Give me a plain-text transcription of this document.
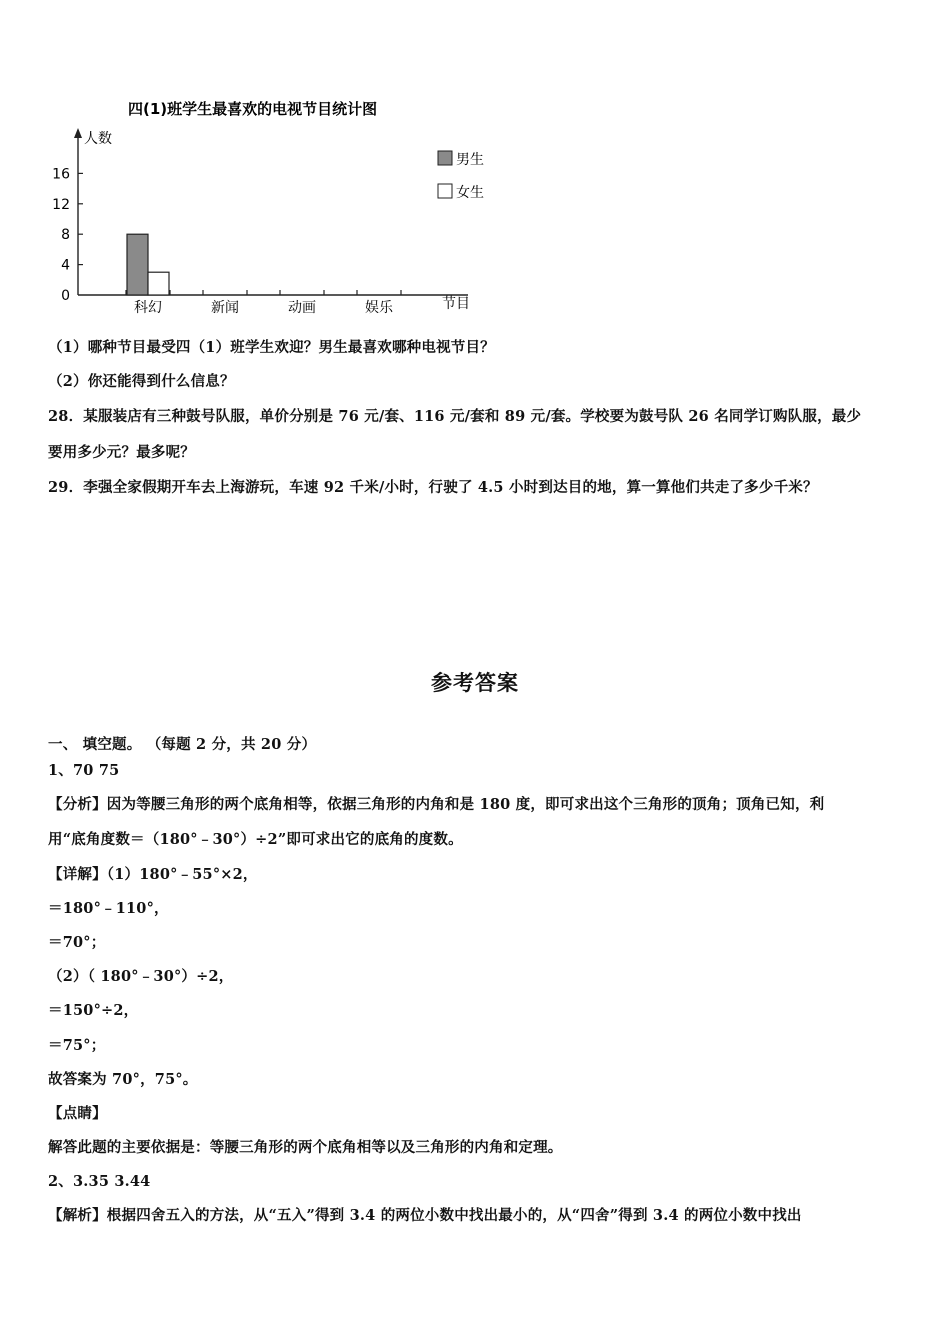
四(1)班学生最喜欢的电视节目统计图
人数
节目
0
4
8
12
16
科幻	新闻	动画	娱乐
男生
女生
（1）哪种节目最受四（1）班学生欢迎？男生最喜欢哪种电视节目？
（2）你还能得到什么信息？
28．某服装店有三种鼓号队服，单价分别是 76 元/套、116 元/套和 89 元/套。学校要为鼓号队 26 名同学订购队服，最少
要用多少元？最多呢？
29．李强全家假期开车去上海游玩，车速 92 千米/小时，行驶了 4.5 小时到达目的地，算一算他们共走了多少千米？
参考答案
一、 填空题。 （每题 2 分，共 20 分）
1、70 75
【分析】因为等腰三角形的两个底角相等，依据三角形的内角和是 180 度，即可求出这个三角形的顶角；顶角已知，利
用“底角度数＝（180°﹣30°）÷2”即可求出它的底角的度数。
【详解】（1）180°﹣55°×2，
＝180°﹣110°，
＝70°；
（2）（ 180°﹣30°）÷2，
＝150°÷2，
＝75°；
故答案为 70°，75°。
【点睛】
解答此题的主要依据是：等腰三角形的两个底角相等以及三角形的内角和定理。
2、3.35 3.44
【解析】根据四舍五入的方法，从“五入”得到 3.4 的两位小数中找出最小的，从“四舍”得到 3.4 的两位小数中找出
